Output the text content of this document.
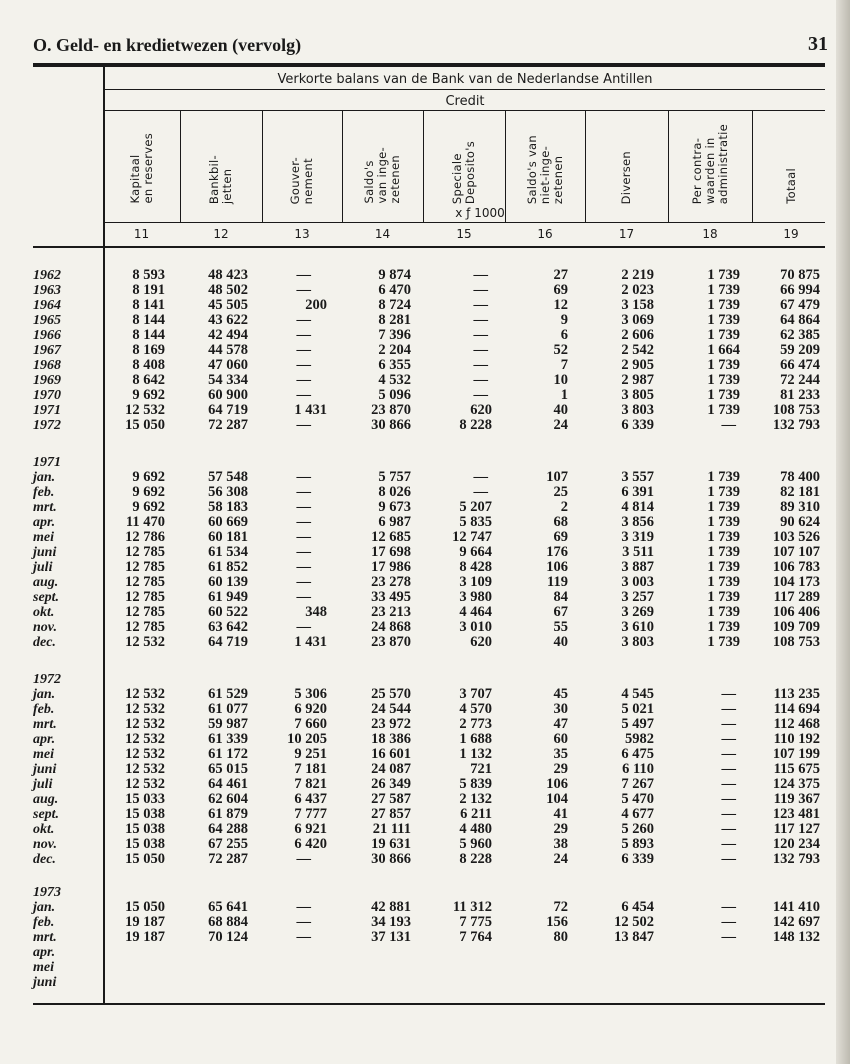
O. Geld- en kredietwezen (vervolg)	31
Verkorte balans van de Bank van de Nederlandse Antillen
Credit
x ƒ 1000
Kapitaal
en reserves
11
Bankbil-
jetten
12
Gouver-
nement
13
Saldo's
van inge-
zetenen
14
Speciale
Deposito's
15
Saldo's van
niet-inge-
zetenen
16
Diversen
17
Per contra-
waarden in
administratie
18
Totaal
19
1962	8 593	48 423	—	9 874	—	27	2 219	1 739	70 875
1963	8 191	48 502	—	6 470	—	69	2 023	1 739	66 994
1964	8 141	45 505	200	8 724	—	12	3 158	1 739	67 479
1965	8 144	43 622	—	8 281	—	9	3 069	1 739	64 864
1966	8 144	42 494	—	7 396	—	6	2 606	1 739	62 385
1967	8 169	44 578	—	2 204	—	52	2 542	1 664	59 209
1968	8 408	47 060	—	6 355	—	7	2 905	1 739	66 474
1969	8 642	54 334	—	4 532	—	10	2 987	1 739	72 244
1970	9 692	60 900	—	5 096	—	1	3 805	1 739	81 233
1971	12 532	64 719	1 431	23 870	620	40	3 803	1 739	108 753
1972	15 050	72 287	—	30 866	8 228	24	6 339	—	132 793
1971
jan.	9 692	57 548	—	5 757	—	107	3 557	1 739	78 400
feb.	9 692	56 308	—	8 026	—	25	6 391	1 739	82 181
mrt.	9 692	58 183	—	9 673	5 207	2	4 814	1 739	89 310
apr.	11 470	60 669	—	6 987	5 835	68	3 856	1 739	90 624
mei	12 786	60 181	—	12 685	12 747	69	3 319	1 739	103 526
juni	12 785	61 534	—	17 698	9 664	176	3 511	1 739	107 107
juli	12 785	61 852	—	17 986	8 428	106	3 887	1 739	106 783
aug.	12 785	60 139	—	23 278	3 109	119	3 003	1 739	104 173
sept.	12 785	61 949	—	33 495	3 980	84	3 257	1 739	117 289
okt.	12 785	60 522	348	23 213	4 464	67	3 269	1 739	106 406
nov.	12 785	63 642	—	24 868	3 010	55	3 610	1 739	109 709
dec.	12 532	64 719	1 431	23 870	620	40	3 803	1 739	108 753
1972
jan.	12 532	61 529	5 306	25 570	3 707	45	4 545	—	113 235
feb.	12 532	61 077	6 920	24 544	4 570	30	5 021	—	114 694
mrt.	12 532	59 987	7 660	23 972	2 773	47	5 497	—	112 468
apr.	12 532	61 339	10 205	18 386	1 688	60	5982	—	110 192
mei	12 532	61 172	9 251	16 601	1 132	35	6 475	—	107 199
juni	12 532	65 015	7 181	24 087	721	29	6 110	—	115 675
juli	12 532	64 461	7 821	26 349	5 839	106	7 267	—	124 375
aug.	15 033	62 604	6 437	27 587	2 132	104	5 470	—	119 367
sept.	15 038	61 879	7 777	27 857	6 211	41	4 677	—	123 481
okt.	15 038	64 288	6 921	21 111	4 480	29	5 260	—	117 127
nov.	15 038	67 255	6 420	19 631	5 960	38	5 893	—	120 234
dec.	15 050	72 287	—	30 866	8 228	24	6 339	—	132 793
1973
jan.	15 050	65 641	—	42 881	11 312	72	6 454	—	141 410
feb.	19 187	68 884	—	34 193	7 775	156	12 502	—	142 697
mrt.	19 187	70 124	—	37 131	7 764	80	13 847	—	148 132
apr.
mei
juni
